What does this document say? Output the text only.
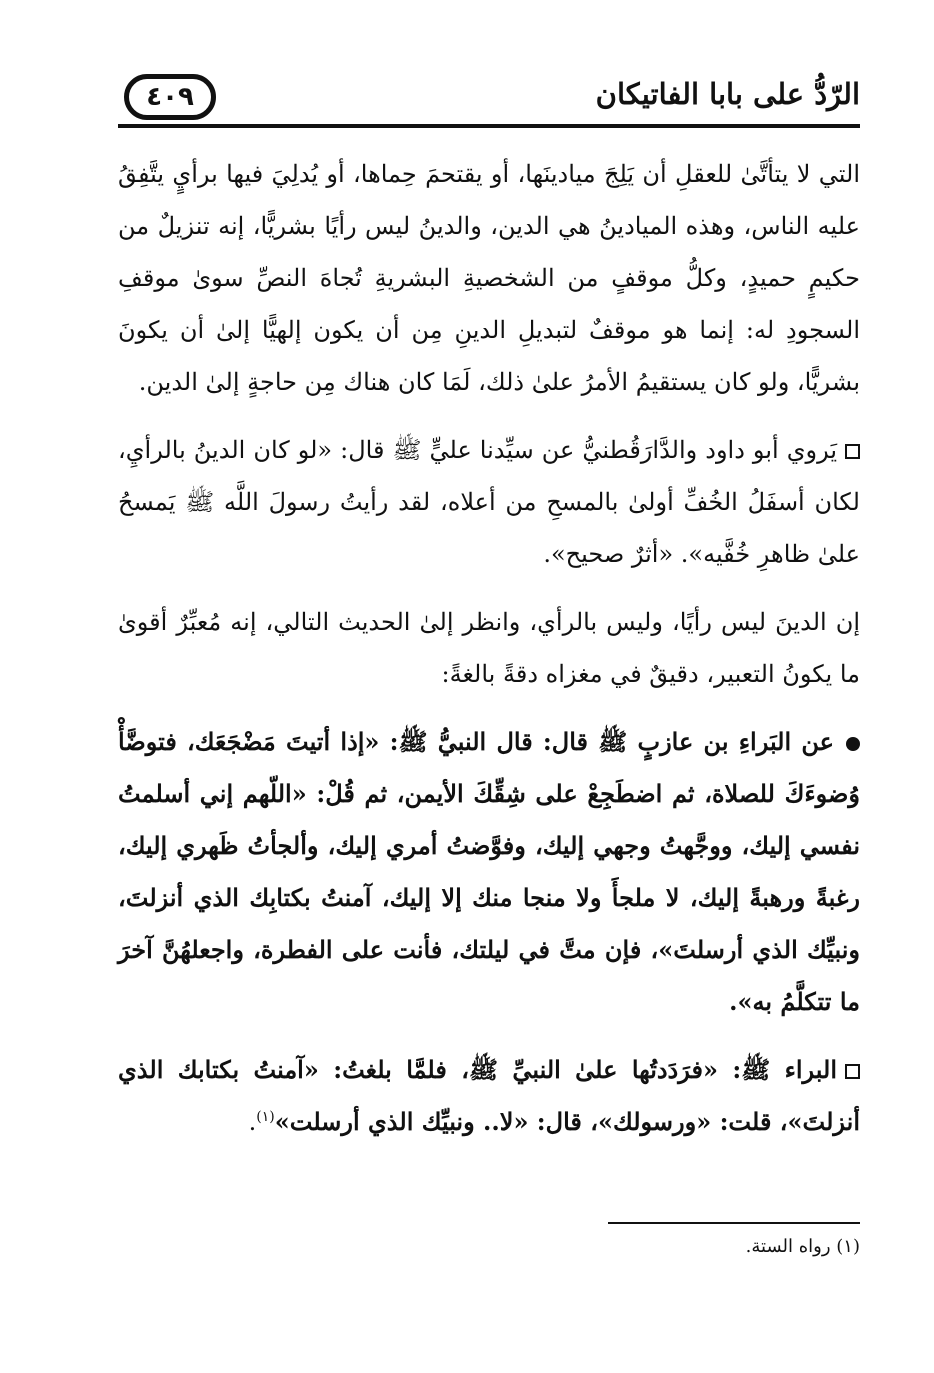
الرّدُّ على بابا الفاتيكان
٤٠٩

التي لا يتأتَّىٰ للعقلِ أن يَلِجَ ميادينَها، أو يقتحمَ حِماها، أو يُدلِيَ فيها برأيٍ يتَّفِقُ عليه الناس، وهذه الميادينُ هي الدين، والدينُ ليس رأيًا بشريًّا، إنه تنزيلٌ من حكيمٍ حميدٍ، وكلُّ موقفٍ من الشخصيةِ البشريةِ تُجاهَ النصِّ سوىٰ موقفِ السجودِ له: إنما هو موقفٌ لتبديلِ الدينِ مِن أن يكون إلهيًّا إلىٰ أن يكونَ بشريًّا، ولو كان يستقيمُ الأمرُ علىٰ ذلك، لَمَا كان هناك مِن حاجةٍ إلىٰ الدين.

يَروي أبو داود والدَّارَقُطنيُّ عن سيِّدنا عليٍّ ﷺ قال: «لو كان الدينُ بالرأيِ، لكان أسفَلُ الخُفِّ أولىٰ بالمسحِ من أعلاه، لقد رأيتُ رسولَ اللَّه ﷺ يَمسحُ علىٰ ظاهرِ خُفَّيه». «أثرٌ صحيح».

إن الدينَ ليس رأيًا، وليس بالرأي، وانظر إلىٰ الحديث التالي، إنه مُعبِّرٌ أقوىٰ ما يكونُ التعبير، دقيقٌ في مغزاه دقةً بالغةً:

عن البَراءِ بن عازبٍ ﷺ قال: قال النبيُّ ﷺ: «إذا أتيتَ مَضْجَعَك، فتوضَّأْ وُضوءَكَ للصلاة، ثم اضطَجِعْ على شِقِّكَ الأيمن، ثم قُلْ: «اللّهم إني أسلمتُ نفسي إليك، ووجَّهتُ وجهي إليك، وفوَّضتُ أمري إليك، وألجأتُ ظَهري إليك، رغبةً ورهبةً إليك، لا ملجأَ ولا منجا منك إلا إليك، آمنتُ بكتابِك الذي أنزلتَ، ونبيِّك الذي أرسلتَ»، فإن متَّ في ليلتك، فأنت على الفطرة، واجعلهُنَّ آخرَ ما تتكلَّمُ به».

البراء ﷺ: «فرَدَدتُها علىٰ النبيِّ ﷺ، فلمَّا بلغتُ: «آمنتُ بكتابك الذي أنزلتَ»، قلت: «ورسولك»، قال: «لا.. ونبيِّك الذي أرسلت»$^{(١)}$.

(١) رواه الستة.
